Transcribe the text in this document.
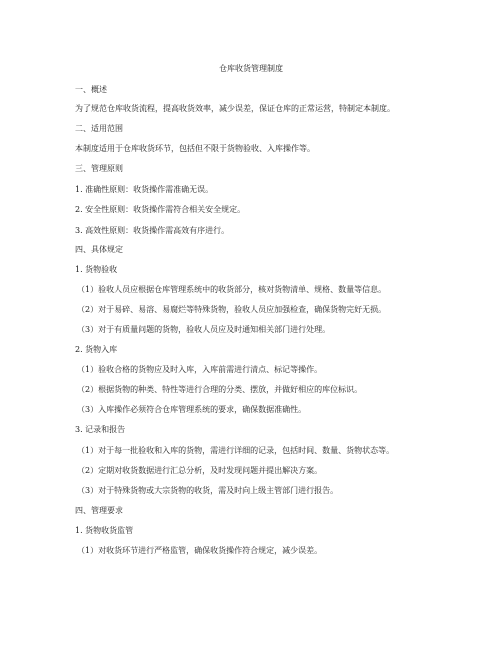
仓库收货管理制度
一、概述
为了规范仓库收货流程，提高收货效率，减少误差，保证仓库的正常运营，特制定本制度。
二、适用范围
本制度适用于仓库收货环节，包括但不限于货物验收、入库操作等。
三、管理原则
1. 准确性原则：收货操作需准确无误。
2. 安全性原则：收货操作需符合相关安全规定。
3. 高效性原则：收货操作需高效有序进行。
四、具体规定
1. 货物验收
（1）验收人员应根据仓库管理系统中的收货部分，核对货物清单、规格、数量等信息。
（2）对于易碎、易溶、易腐烂等特殊货物，验收人员应加强检查，确保货物完好无损。
（3）对于有质量问题的货物，验收人员应及时通知相关部门进行处理。
2. 货物入库
（1）验收合格的货物应及时入库，入库前需进行清点、标记等操作。
（2）根据货物的种类、特性等进行合理的分类、摆放，并做好相应的库位标识。
（3）入库操作必须符合仓库管理系统的要求，确保数据准确性。
3. 记录和报告
（1）对于每一批验收和入库的货物，需进行详细的记录，包括时间、数量、货物状态等。
（2）定期对收货数据进行汇总分析，及时发现问题并提出解决方案。
（3）对于特殊货物或大宗货物的收货，需及时向上级主管部门进行报告。
四、管理要求
1. 货物收货监管
（1）对收货环节进行严格监管，确保收货操作符合规定，减少误差。
